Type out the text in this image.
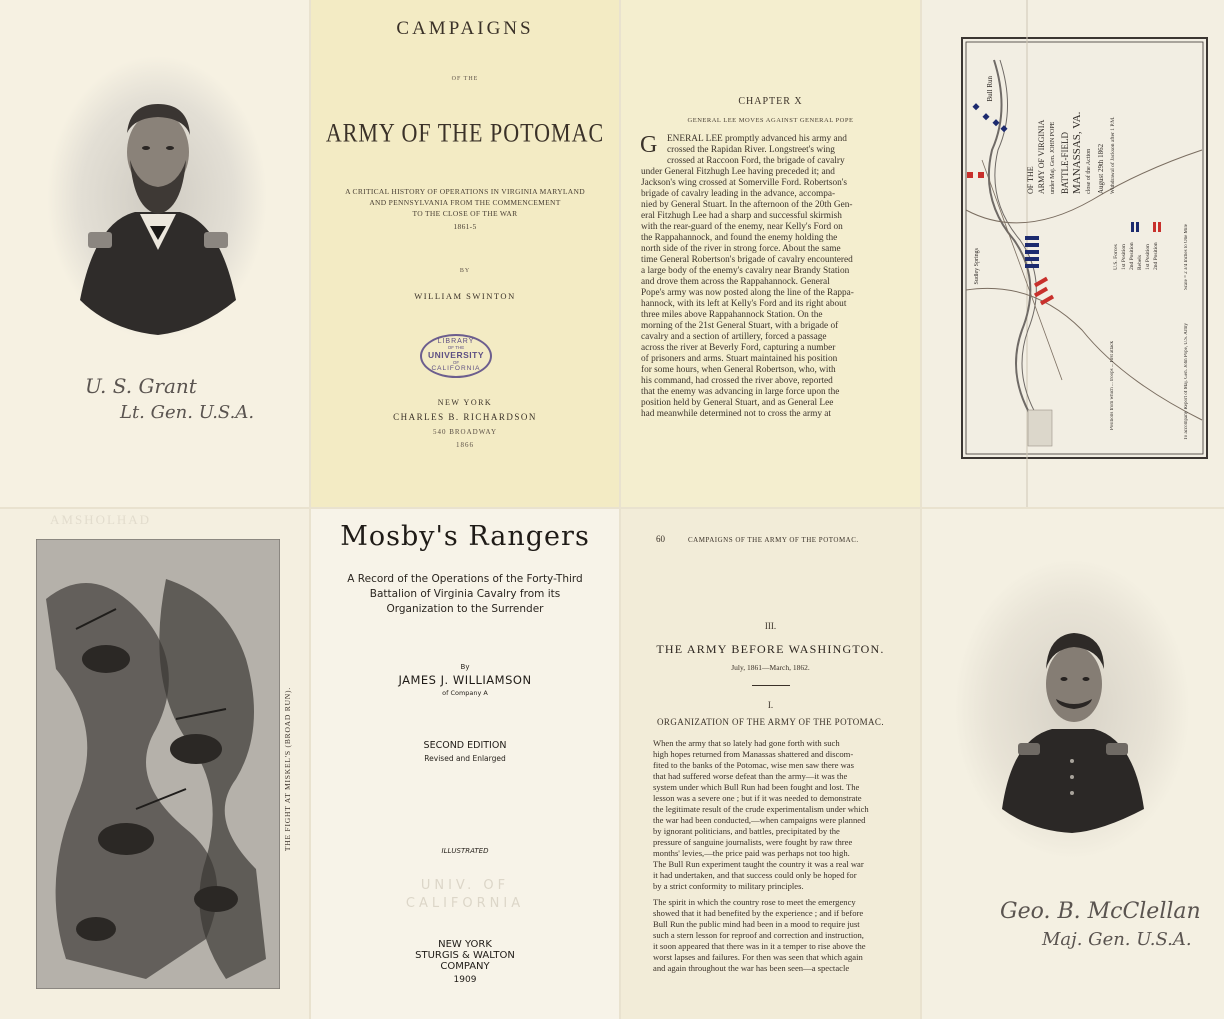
U. S. Grant
Lt. Gen. U.S.A.
CAMPAIGNS
OF THE
ARMY OF THE POTOMAC
A CRITICAL HISTORY OF OPERATIONS IN VIRGINIA MARYLAND
AND PENNSYLVANIA FROM THE COMMENCEMENT
TO THE CLOSE OF THE WAR
1861-5
BY
WILLIAM SWINTON
LIBRARY
OF THE
UNIVERSITY
OF
CALIFORNIA
NEW YORK
CHARLES B. RICHARDSON
540 BROADWAY
1866
CHAPTER X
GENERAL LEE MOVES AGAINST GENERAL POPE
G ENERAL LEE promptly advanced his army and
crossed the Rapidan River. Longstreet's wing
crossed at Raccoon Ford, the brigade of cavalry
under General Fitzhugh Lee having preceded it; and
Jackson's wing crossed at Somerville Ford. Robertson's
brigade of cavalry leading in the advance, accompa-
nied by General Stuart. In the afternoon of the 20th Gen-
eral Fitzhugh Lee had a sharp and successful skirmish
with the rear-guard of the enemy, near Kelly's Ford on
the Rappahannock, and found the enemy holding the
north side of the river in strong force. About the same
time General Robertson's brigade of cavalry encountered
a large body of the enemy's cavalry near Brandy Station
and drove them across the Rappahannock. General
Pope's army was now posted along the line of the Rappa-
hannock, with its left at Kelly's Ford and its right about
three miles above Rappahannock Station. On the
morning of the 21st General Stuart, with a brigade of
cavalry and a section of artillery, forced a passage
across the river at Beverly Ford, capturing a number
of prisoners and arms. Stuart maintained his position
for some hours, when General Robertson, who, with
his command, had crossed the river above, reported
that the enemy was advancing in large force upon the
position held by General Stuart, and as General Lee
had meanwhile determined not to cross the army at
OF THE ARMY OF VIRGINIA under Maj. Gen. JOHN POPE BATTLE-FIELD
MANASSAS, VA. close of the Action August 29th 1862 Withdrawal of Jackson after 1 P.M.
U.S. Forces 1st Position 2nd Position Rebels 1st Position 2nd Position
Bull Run
Sudley Springs
Positions from which ... troops ... first attack
Scale = 2 3/4 Inches to One Mile
To accompany Report of Maj. Gen. John Pope, U.S. Army
AMSHOLHAD
THE FIGHT AT MISKEL'S (BROAD RUN).
Mosby's Rangers
A Record of the Operations of the Forty-Third
Battalion of Virginia Cavalry from its
Organization to the Surrender
By
JAMES J. WILLIAMSON
of Company A
SECOND EDITION
Revised and Enlarged
ILLUSTRATED
UNIV. OF
CALIFORNIA
NEW YORK
STURGIS & WALTON
COMPANY
1909
60	CAMPAIGNS OF THE ARMY OF THE POTOMAC.
III.
THE ARMY BEFORE WASHINGTON.
July, 1861—March, 1862.
I.
ORGANIZATION OF THE ARMY OF THE POTOMAC.
When the army that so lately had gone forth with such
high hopes returned from Manassas shattered and discom-
fited to the banks of the Potomac, wise men saw there was
that had suffered worse defeat than the army—it was the
system under which Bull Run had been fought and lost. The
lesson was a severe one ; but if it was needed to demonstrate
the legitimate result of the crude experimentalism under which
the war had been conducted,—when campaigns were planned
by ignorant politicians, and battles, precipitated by the
pressure of sanguine journalists, were fought by raw three
months' levies,—the price paid was perhaps not too high.
The Bull Run experiment taught the country it was a real war
it had undertaken, and that success could only be hoped for
by a strict conformity to military principles.
The spirit in which the country rose to meet the emergency
showed that it had benefited by the experience ; and if before
Bull Run the public mind had been in a mood to require just
such a stern lesson for reproof and correction and instruction,
it soon appeared that there was in it a temper to rise above the
worst lapses and failures. For then was seen that which again
and again throughout the war has been seen—a spectacle
Geo. B. McClellan
Maj. Gen. U.S.A.
